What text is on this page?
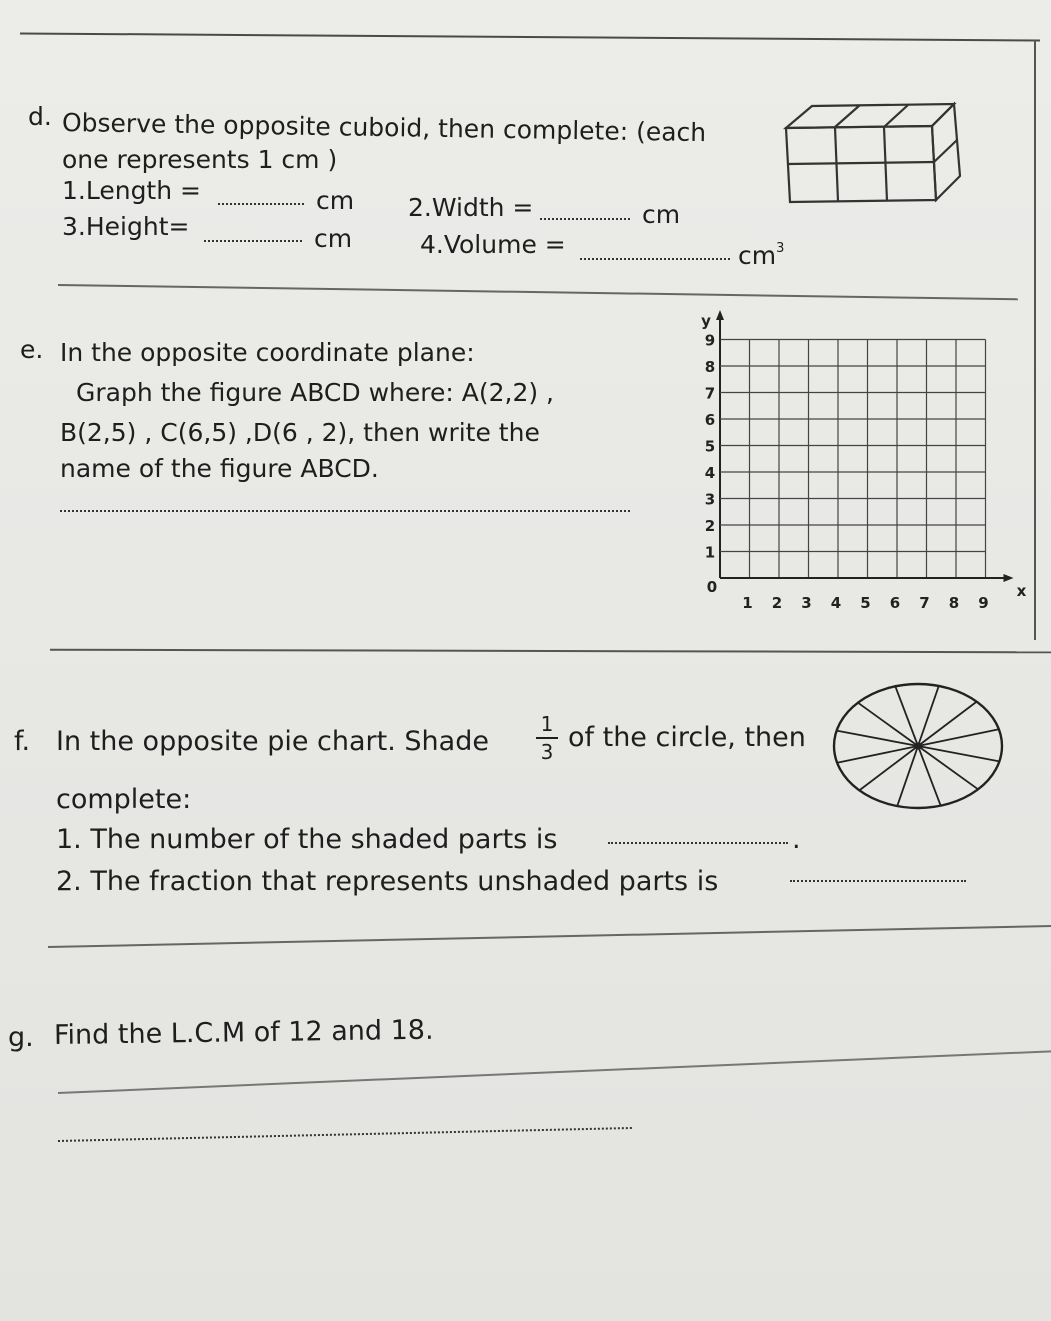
d. Observe the opposite cuboid, then complete: (each
one represents 1 cm )
1.Length =	cm 2.Width =	cm
3.Height=	cm	4.Volume =	$cm^3$
e. In the opposite coordinate plane:
Graph the figure ABCD where: A(2,2) ,
B(2,5) , C(6,5) ,D(6 , 2), then write the
name of the figure ABCD.
y
x
0
9
8
7
6
5
4
3
2
1
1 2 3 4 5 6 7 8 9
f. In the opposite pie chart. Shade
1
3 of the circle, then
complete:
1. The number of the shaded parts is	.
2. The fraction that represents unshaded parts is
g. Find the L.C.M of 12 and 18.
